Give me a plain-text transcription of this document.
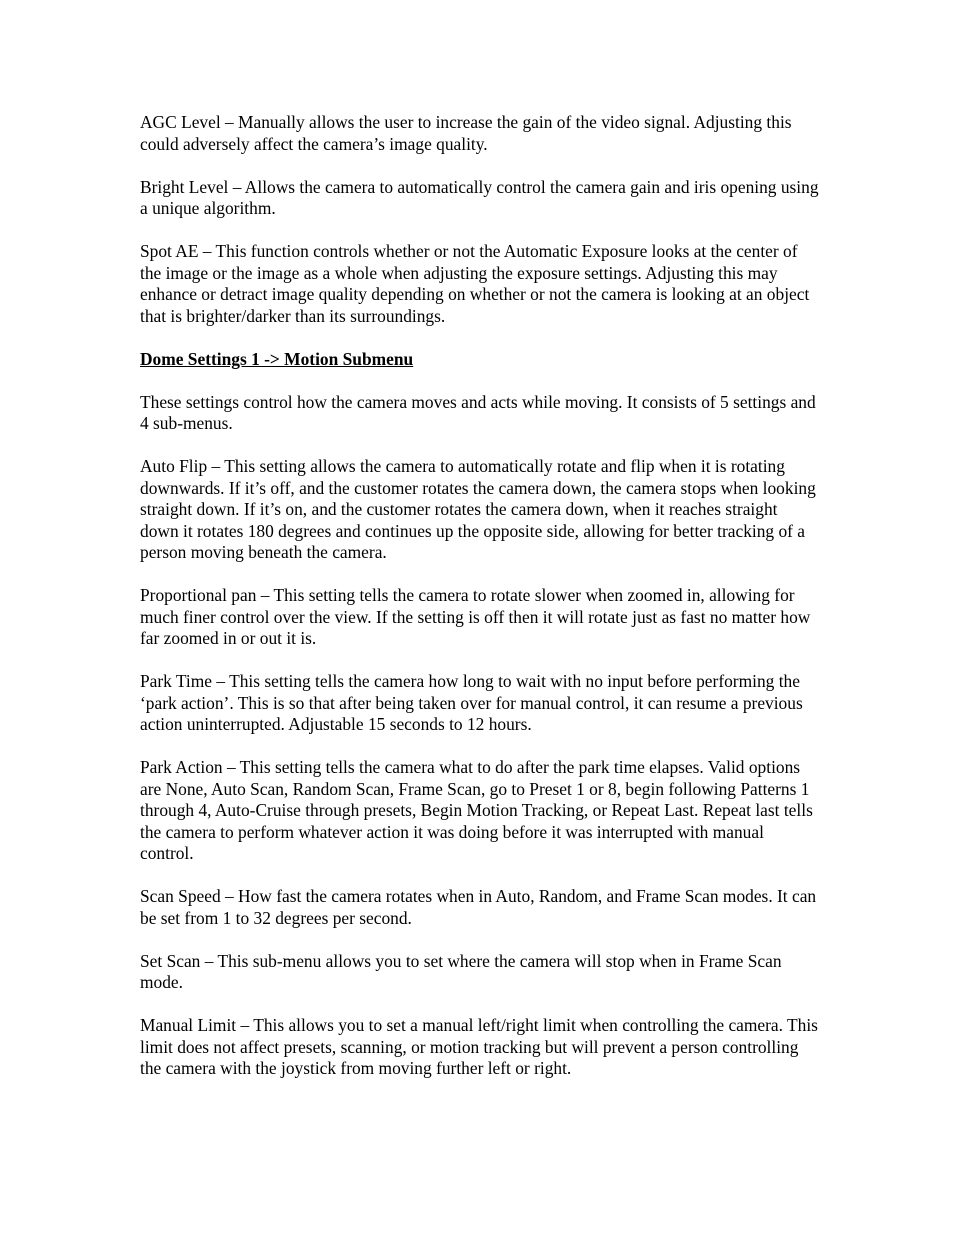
AGC Level – Manually allows the user to increase the gain of the video signal. Adjusting this could adversely affect the camera’s image quality.

Bright Level – Allows the camera to automatically control the camera gain and iris opening using a unique algorithm.

Spot AE – This function controls whether or not the Automatic Exposure looks at the center of the image or the image as a whole when adjusting the exposure settings. Adjusting this may enhance or detract image quality depending on whether or not the camera is looking at an object that is brighter/darker than its surroundings.

Dome Settings 1 -> Motion Submenu

These settings control how the camera moves and acts while moving. It consists of 5 settings and 4 sub-menus.

Auto Flip – This setting allows the camera to automatically rotate and flip when it is rotating downwards. If it’s off, and the customer rotates the camera down, the camera stops when looking straight down. If it’s on, and the customer rotates the camera down, when it reaches straight down it rotates 180 degrees and continues up the opposite side, allowing for better tracking of a person moving beneath the camera.

Proportional pan – This setting tells the camera to rotate slower when zoomed in, allowing for much finer control over the view. If the setting is off then it will rotate just as fast no matter how far zoomed in or out it is.

Park Time – This setting tells the camera how long to wait with no input before performing the ‘park action’. This is so that after being taken over for manual control, it can resume a previous action uninterrupted. Adjustable 15 seconds to 12 hours.

Park Action – This setting tells the camera what to do after the park time elapses. Valid options are None, Auto Scan, Random Scan, Frame Scan, go to Preset 1 or 8, begin following Patterns 1 through 4, Auto-Cruise through presets, Begin Motion Tracking, or Repeat Last. Repeat last tells the camera to perform whatever action it was doing before it was interrupted with manual control.

Scan Speed – How fast the camera rotates when in Auto, Random, and Frame Scan modes. It can be set from 1 to 32 degrees per second.

Set Scan – This sub-menu allows you to set where the camera will stop when in Frame Scan mode.

Manual Limit – This allows you to set a manual left/right limit when controlling the camera. This limit does not affect presets, scanning, or motion tracking but will prevent a person controlling the camera with the joystick from moving further left or right.
